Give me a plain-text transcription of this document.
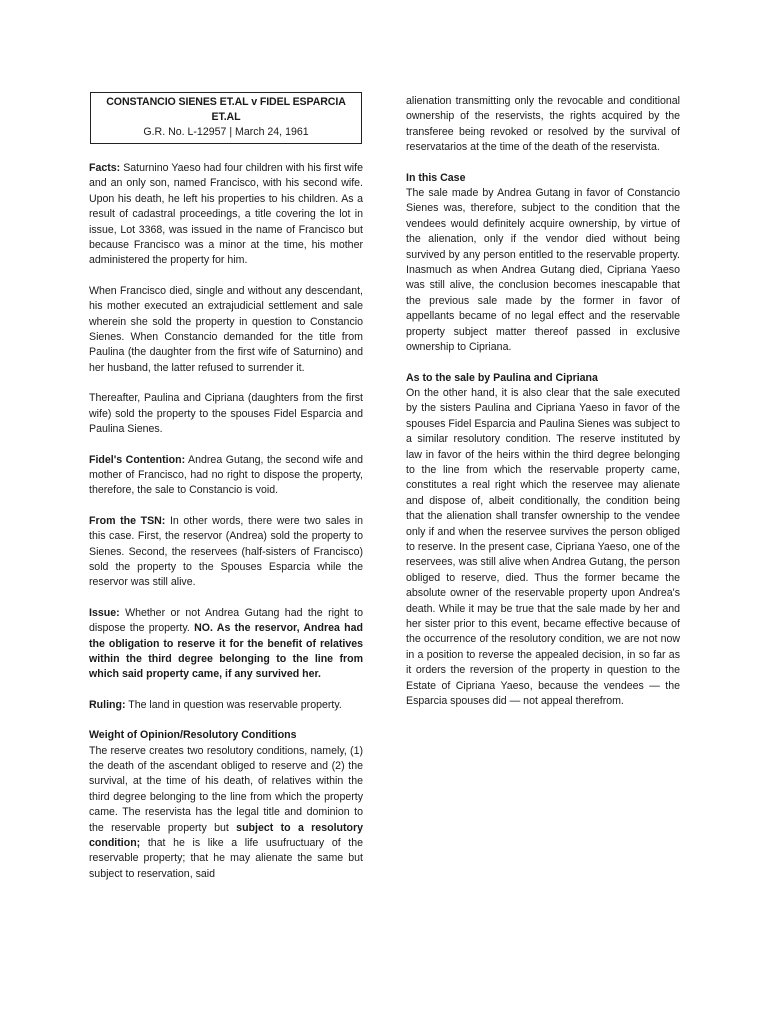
CONSTANCIO SIENES ET.AL v FIDEL ESPARCIA ET.AL
G.R. No. L-12957 | March 24, 1961

Facts: Saturnino Yaeso had four children with his first wife and an only son, named Francisco, with his second wife. Upon his death, he left his properties to his children. As a result of cadastral proceedings, a title covering the lot in issue, Lot 3368, was issued in the name of Francisco but because Francisco was a minor at the time, his mother administered the property for him.

When Francisco died, single and without any descendant, his mother executed an extrajudicial settlement and sale wherein she sold the property in question to Constancio Sienes. When Constancio demanded for the title from Paulina (the daughter from the first wife of Saturnino) and her husband, the latter refused to surrender it.

Thereafter, Paulina and Cipriana (daughters from the first wife) sold the property to the spouses Fidel Esparcia and Paulina Sienes.

Fidel's Contention: Andrea Gutang, the second wife and mother of Francisco, had no right to dispose the property, therefore, the sale to Constancio is void.

From the TSN: In other words, there were two sales in this case. First, the reservor (Andrea) sold the property to Sienes. Second, the reservees (half-sisters of Francisco) sold the property to the Spouses Esparcia while the reservor was still alive.

Issue: Whether or not Andrea Gutang had the right to dispose the property. NO. As the reservor, Andrea had the obligation to reserve it for the benefit of relatives within the third degree belonging to the line from which said property came, if any survived her.

Ruling: The land in question was reservable property.

Weight of Opinion/Resolutory Conditions

The reserve creates two resolutory conditions, namely, (1) the death of the ascendant obliged to reserve and (2) the survival, at the time of his death, of relatives within the third degree belonging to the line from which the property came. The reservista has the legal title and dominion to the reservable property but subject to a resolutory condition; that he is like a life usufructuary of the reservable property; that he may alienate the same but subject to reservation, said

alienation transmitting only the revocable and conditional ownership of the reservists, the rights acquired by the transferee being revoked or resolved by the survival of reservatarios at the time of the death of the reservista.

In this Case

The sale made by Andrea Gutang in favor of Constancio Sienes was, therefore, subject to the condition that the vendees would definitely acquire ownership, by virtue of the alienation, only if the vendor died without being survived by any person entitled to the reservable property. Inasmuch as when Andrea Gutang died, Cipriana Yaeso was still alive, the conclusion becomes inescapable that the previous sale made by the former in favor of appellants became of no legal effect and the reservable property subject matter thereof passed in exclusive ownership to Cipriana.

As to the sale by Paulina and Cipriana

On the other hand, it is also clear that the sale executed by the sisters Paulina and Cipriana Yaeso in favor of the spouses Fidel Esparcia and Paulina Sienes was subject to a similar resolutory condition. The reserve instituted by law in favor of the heirs within the third degree belonging to the line from which the reservable property came, constitutes a real right which the reservee may alienate and dispose of, albeit conditionally, the condition being that the alienation shall transfer ownership to the vendee only if and when the reservee survives the person obliged to reserve. In the present case, Cipriana Yaeso, one of the reservees, was still alive when Andrea Gutang, the person obliged to reserve, died. Thus the former became the absolute owner of the reservable property upon Andrea's death. While it may be true that the sale made by her and her sister prior to this event, became effective because of the occurrence of the resolutory condition, we are not now in a position to reverse the appealed decision, in so far as it orders the reversion of the property in question to the Estate of Cipriana Yaeso, because the vendees — the Esparcia spouses did — not appeal therefrom.
